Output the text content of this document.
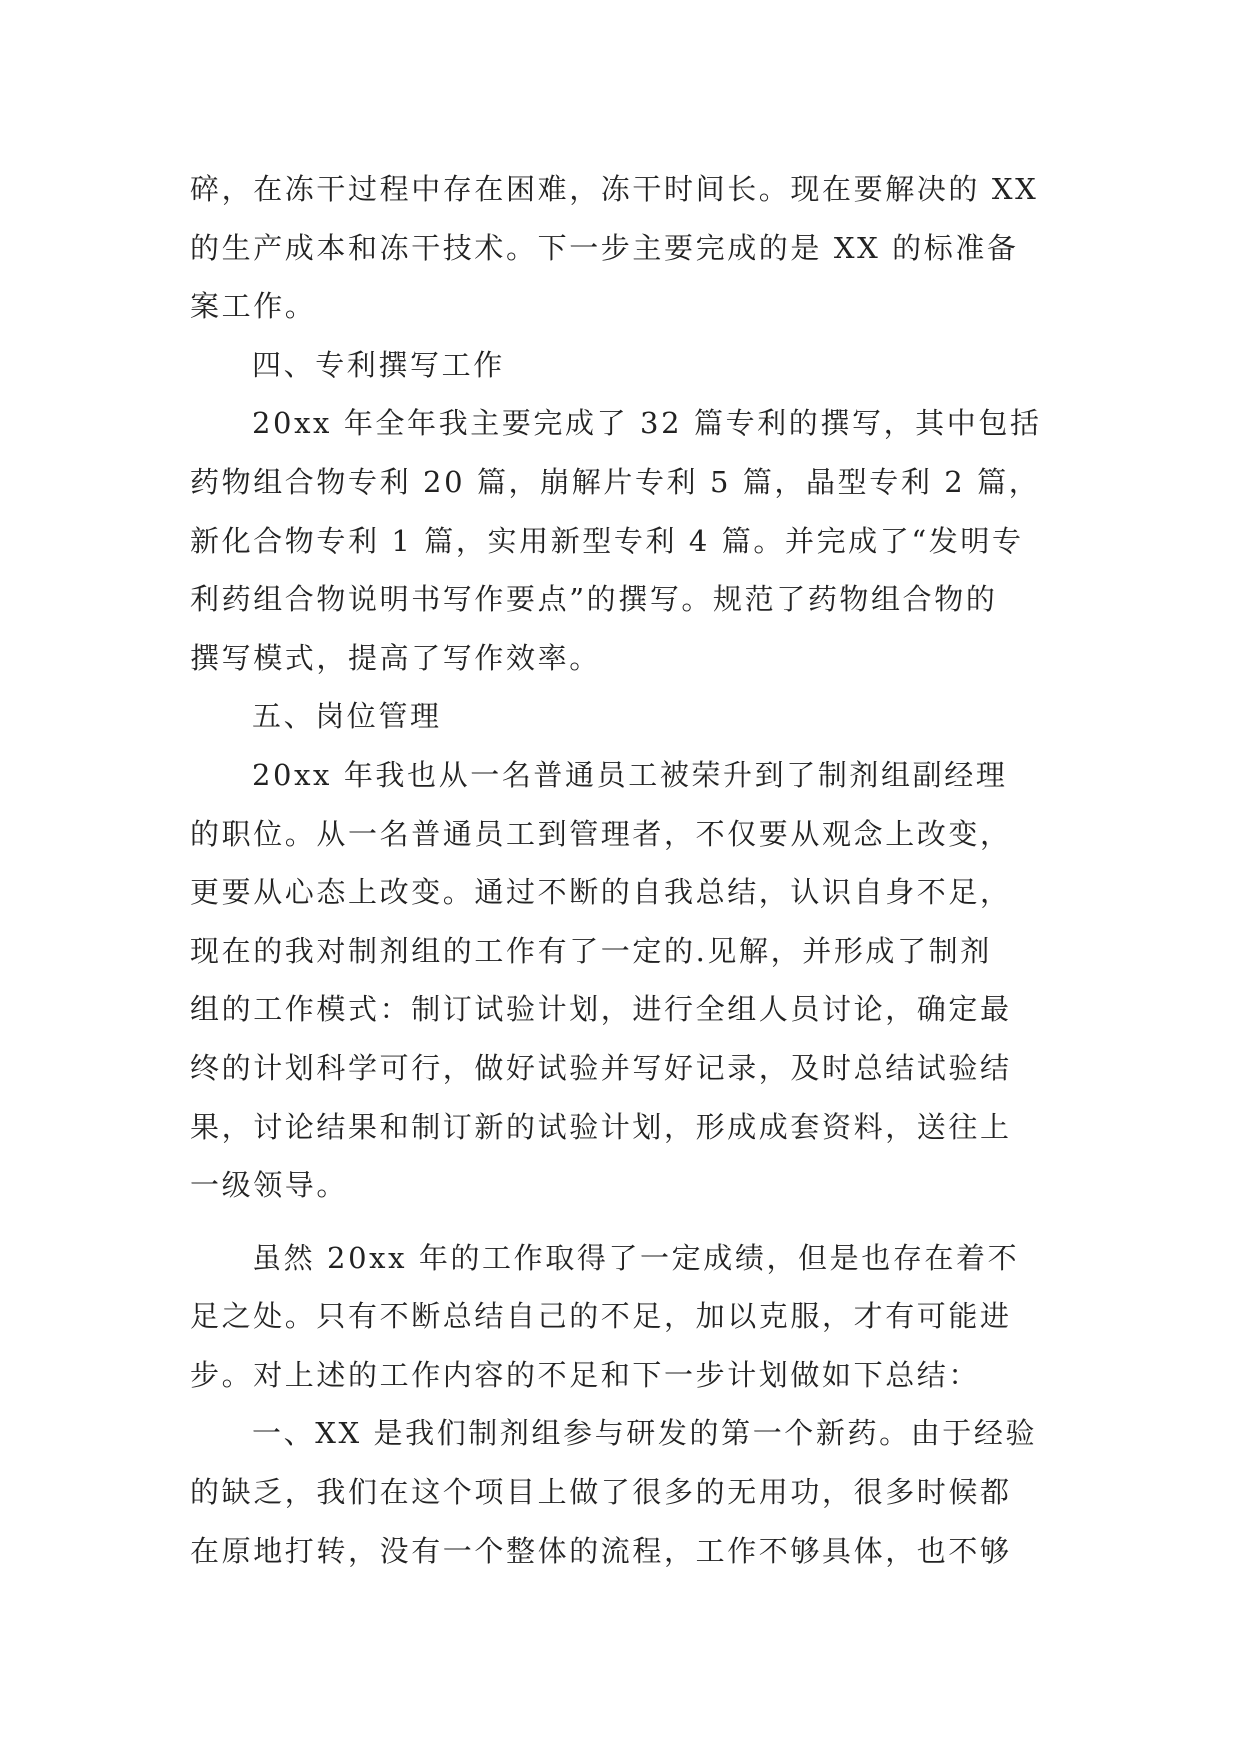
碎，在冻干过程中存在困难，冻干时间长。现在要解决的 XX
的生产成本和冻干技术。下一步主要完成的是 XX 的标准备
案工作。
四、专利撰写工作
20xx 年全年我主要完成了 32 篇专利的撰写，其中包括
药物组合物专利 20 篇，崩解片专利 5 篇，晶型专利 2 篇，
新化合物专利 1 篇，实用新型专利 4 篇。并完成了“发明专
利药组合物说明书写作要点”的撰写。规范了药物组合物的
撰写模式，提高了写作效率。
五、岗位管理
20xx 年我也从一名普通员工被荣升到了制剂组副经理
的职位。从一名普通员工到管理者，不仅要从观念上改变，
更要从心态上改变。通过不断的自我总结，认识自身不足，
现在的我对制剂组的工作有了一定的.见解，并形成了制剂
组的工作模式：制订试验计划，进行全组人员讨论，确定最
终的计划科学可行，做好试验并写好记录，及时总结试验结
果，讨论结果和制订新的试验计划，形成成套资料，送往上
一级领导。
虽然 20xx 年的工作取得了一定成绩，但是也存在着不
足之处。只有不断总结自己的不足，加以克服，才有可能进
步。对上述的工作内容的不足和下一步计划做如下总结：
一、XX 是我们制剂组参与研发的第一个新药。由于经验
的缺乏，我们在这个项目上做了很多的无用功，很多时候都
在原地打转，没有一个整体的流程，工作不够具体，也不够
